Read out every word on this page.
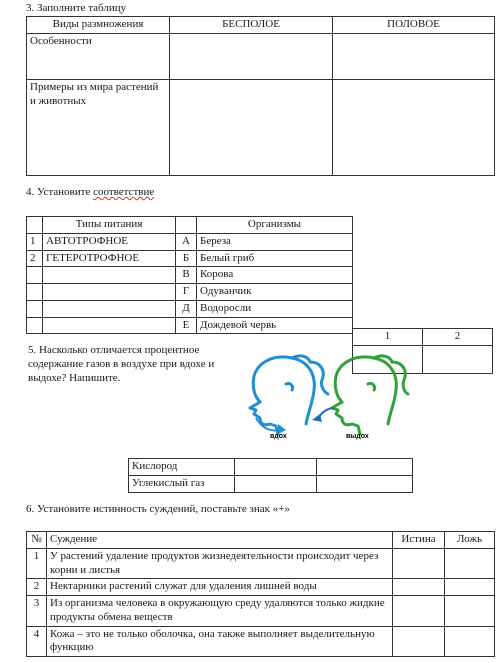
3. Заполните таблицу
Виды размножения	БЕСПОЛОЕ	ПОЛОВОЕ
Особенности		
Примеры из мира растений и животных		
4. Установите соответствие
	Типы питания		Организмы
1	АВТОТРОФНОЕ	А	Береза
2	ГЕТЕРОТРОФНОЕ	Б	Белый гриб
		В	Корова
		Г	Одуванчик
		Д	Водоросли
		Е	Дождевой червь
1	2

5. Насколько отличается процентное содержание газов в воздухе при вдохе и выдохе? Напишите.
вдох	выдох
Кислород		
Углекислый газ		
6. Установите истинность суждений, поставьте знак «+»
№	Суждение	Истина	Ложь
1	У растений удаление продуктов жизнедеятельности происходит через корни и листья		
2	Нектарники растений служат для удаления лишней воды		
3	Из организма человека в окружающую среду удаляются только жидкие продукты обмена веществ		
4	Кожа – это не только оболочка, она также выполняет выделительную функцию		
